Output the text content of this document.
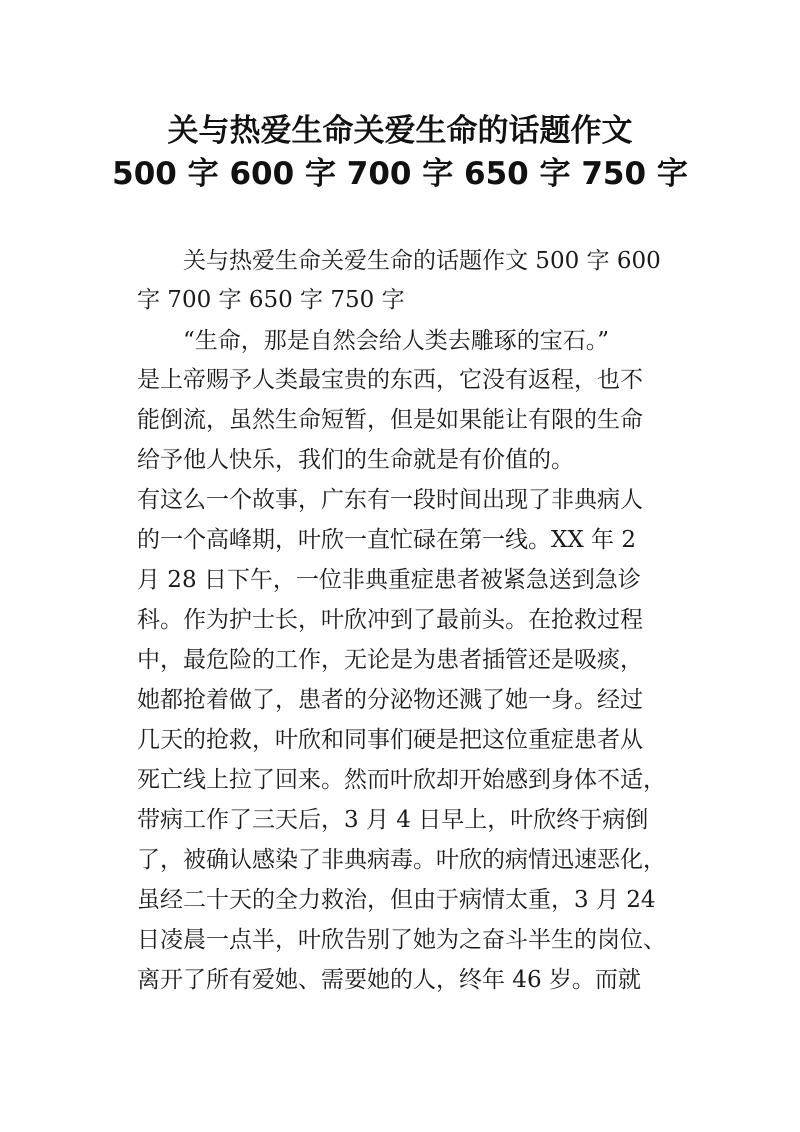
关与热爱生命关爱生命的话题作文
500 字 600 字 700 字 650 字 750 字
　　关与热爱生命关爱生命的话题作文 500 字 600
字 700 字 650 字 750 字
　　“生命，那是自然会给人类去雕琢的宝石。”
是上帝赐予人类最宝贵的东西，它没有返程，也不
能倒流，虽然生命短暂，但是如果能让有限的生命
给予他人快乐，我们的生命就是有价值的。
有这么一个故事，广东有一段时间出现了非典病人
的一个高峰期，叶欣一直忙碌在第一线。XX 年 2
月 28 日下午，一位非典重症患者被紧急送到急诊
科。作为护士长，叶欣冲到了最前头。在抢救过程
中，最危险的工作，无论是为患者插管还是吸痰，
她都抢着做了，患者的分泌物还溅了她一身。经过
几天的抢救，叶欣和同事们硬是把这位重症患者从
死亡线上拉了回来。然而叶欣却开始感到身体不适，
带病工作了三天后，3 月 4 日早上，叶欣终于病倒
了，被确认感染了非典病毒。叶欣的病情迅速恶化，
虽经二十天的全力救治，但由于病情太重，3 月 24
日凌晨一点半，叶欣告别了她为之奋斗半生的岗位、
离开了所有爱她、需要她的人，终年 46 岁。而就
